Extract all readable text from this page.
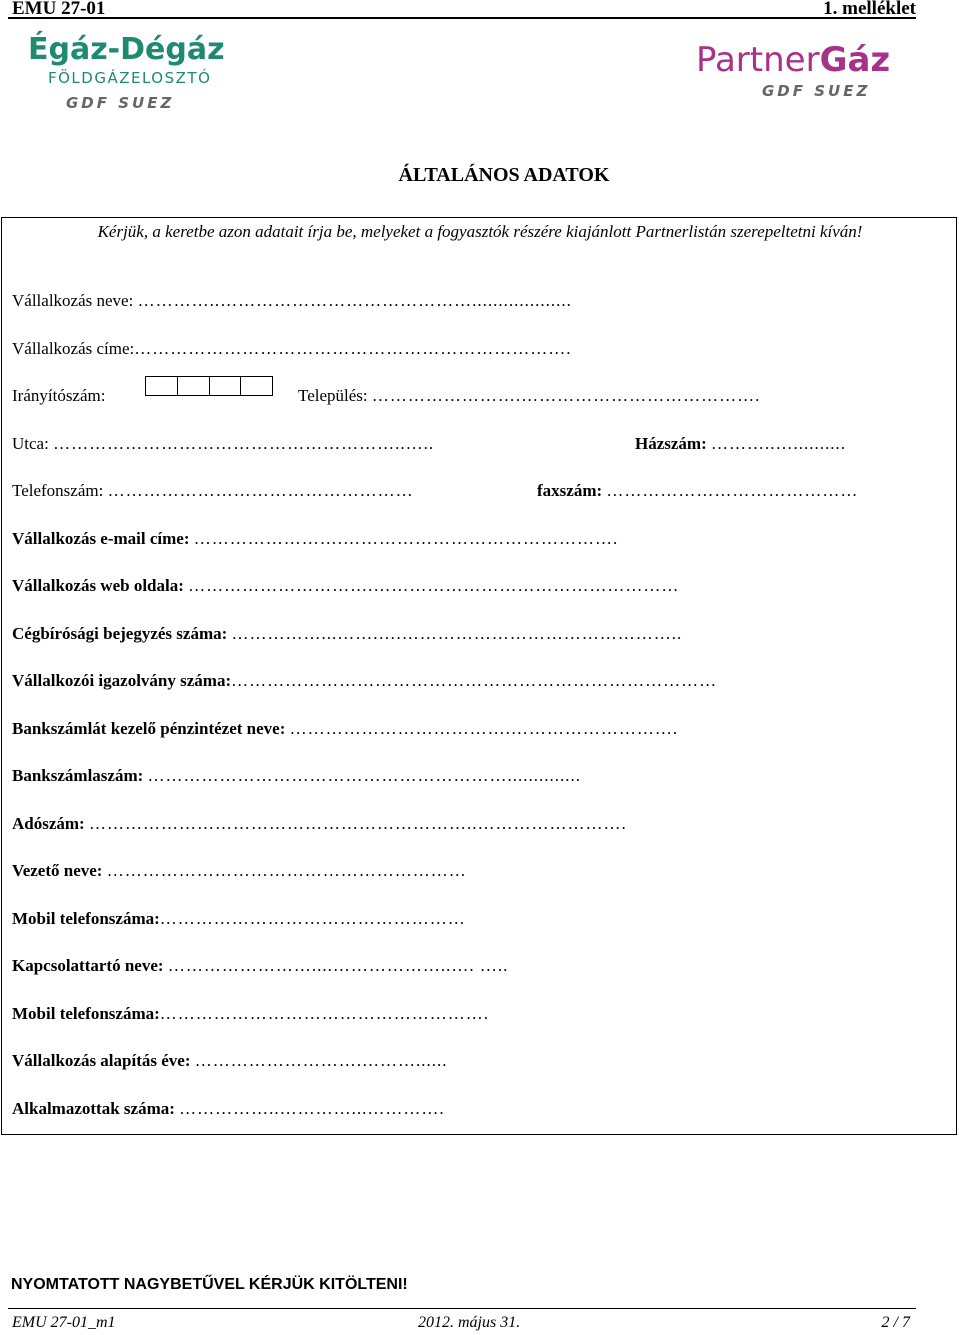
EMU 27-01	1. melléklet
Égáz-Dégáz
FÖLDGÁZELOSZTÓ
GDF SUEZ
PartnerGáz
GDF SUEZ
ÁLTALÁNOS ADATOK
Kérjük, a keretbe azon adatait írja be, melyeket a fogyasztók részére kiajánlott Partnerlistán szerepeltetni kíván!
Vállalkozás neve: …………..……………………………………...................
Vállalkozás címe:……………………………………………………………….
Irányítószám:	Település: …………………….………………………………….
Utca: …………………………………………………..…..	Házszám: ………..…..........
Telefonszám: ……………………………………………	faxszám: ……………………………………
Vállalkozás e-mail címe: …………………….……………………………………….
Vállalkozás web oldala: ………………………….……………………………………………
Cégbírósági bejegyzés száma: ……………...…….….………………………………………..
Vállalkozói igazolvány száma:………………………………………………………………………
Bankszámlát kezelő pénzintézet neve: ……………………………….……………………….
Bankszámlaszám: ……………………………………………………..............
Adószám: ………………………………………………………..…………………….
Vezető neve: ……………………………………………………
Mobil telefonszáma:……………………………………………
Kapcsolattartó neve: ……………………....………………..…. …..
Mobil telefonszáma:……………………………………………….
Vállalkozás alapítás éve: ……………………….………......
Alkalmazottak száma: ……………..…………...………….
NYOMTATOTT NAGYBETŰVEL KÉRJÜK KITÖLTENI!
EMU 27-01_m1	2012. május 31.	2 / 7
